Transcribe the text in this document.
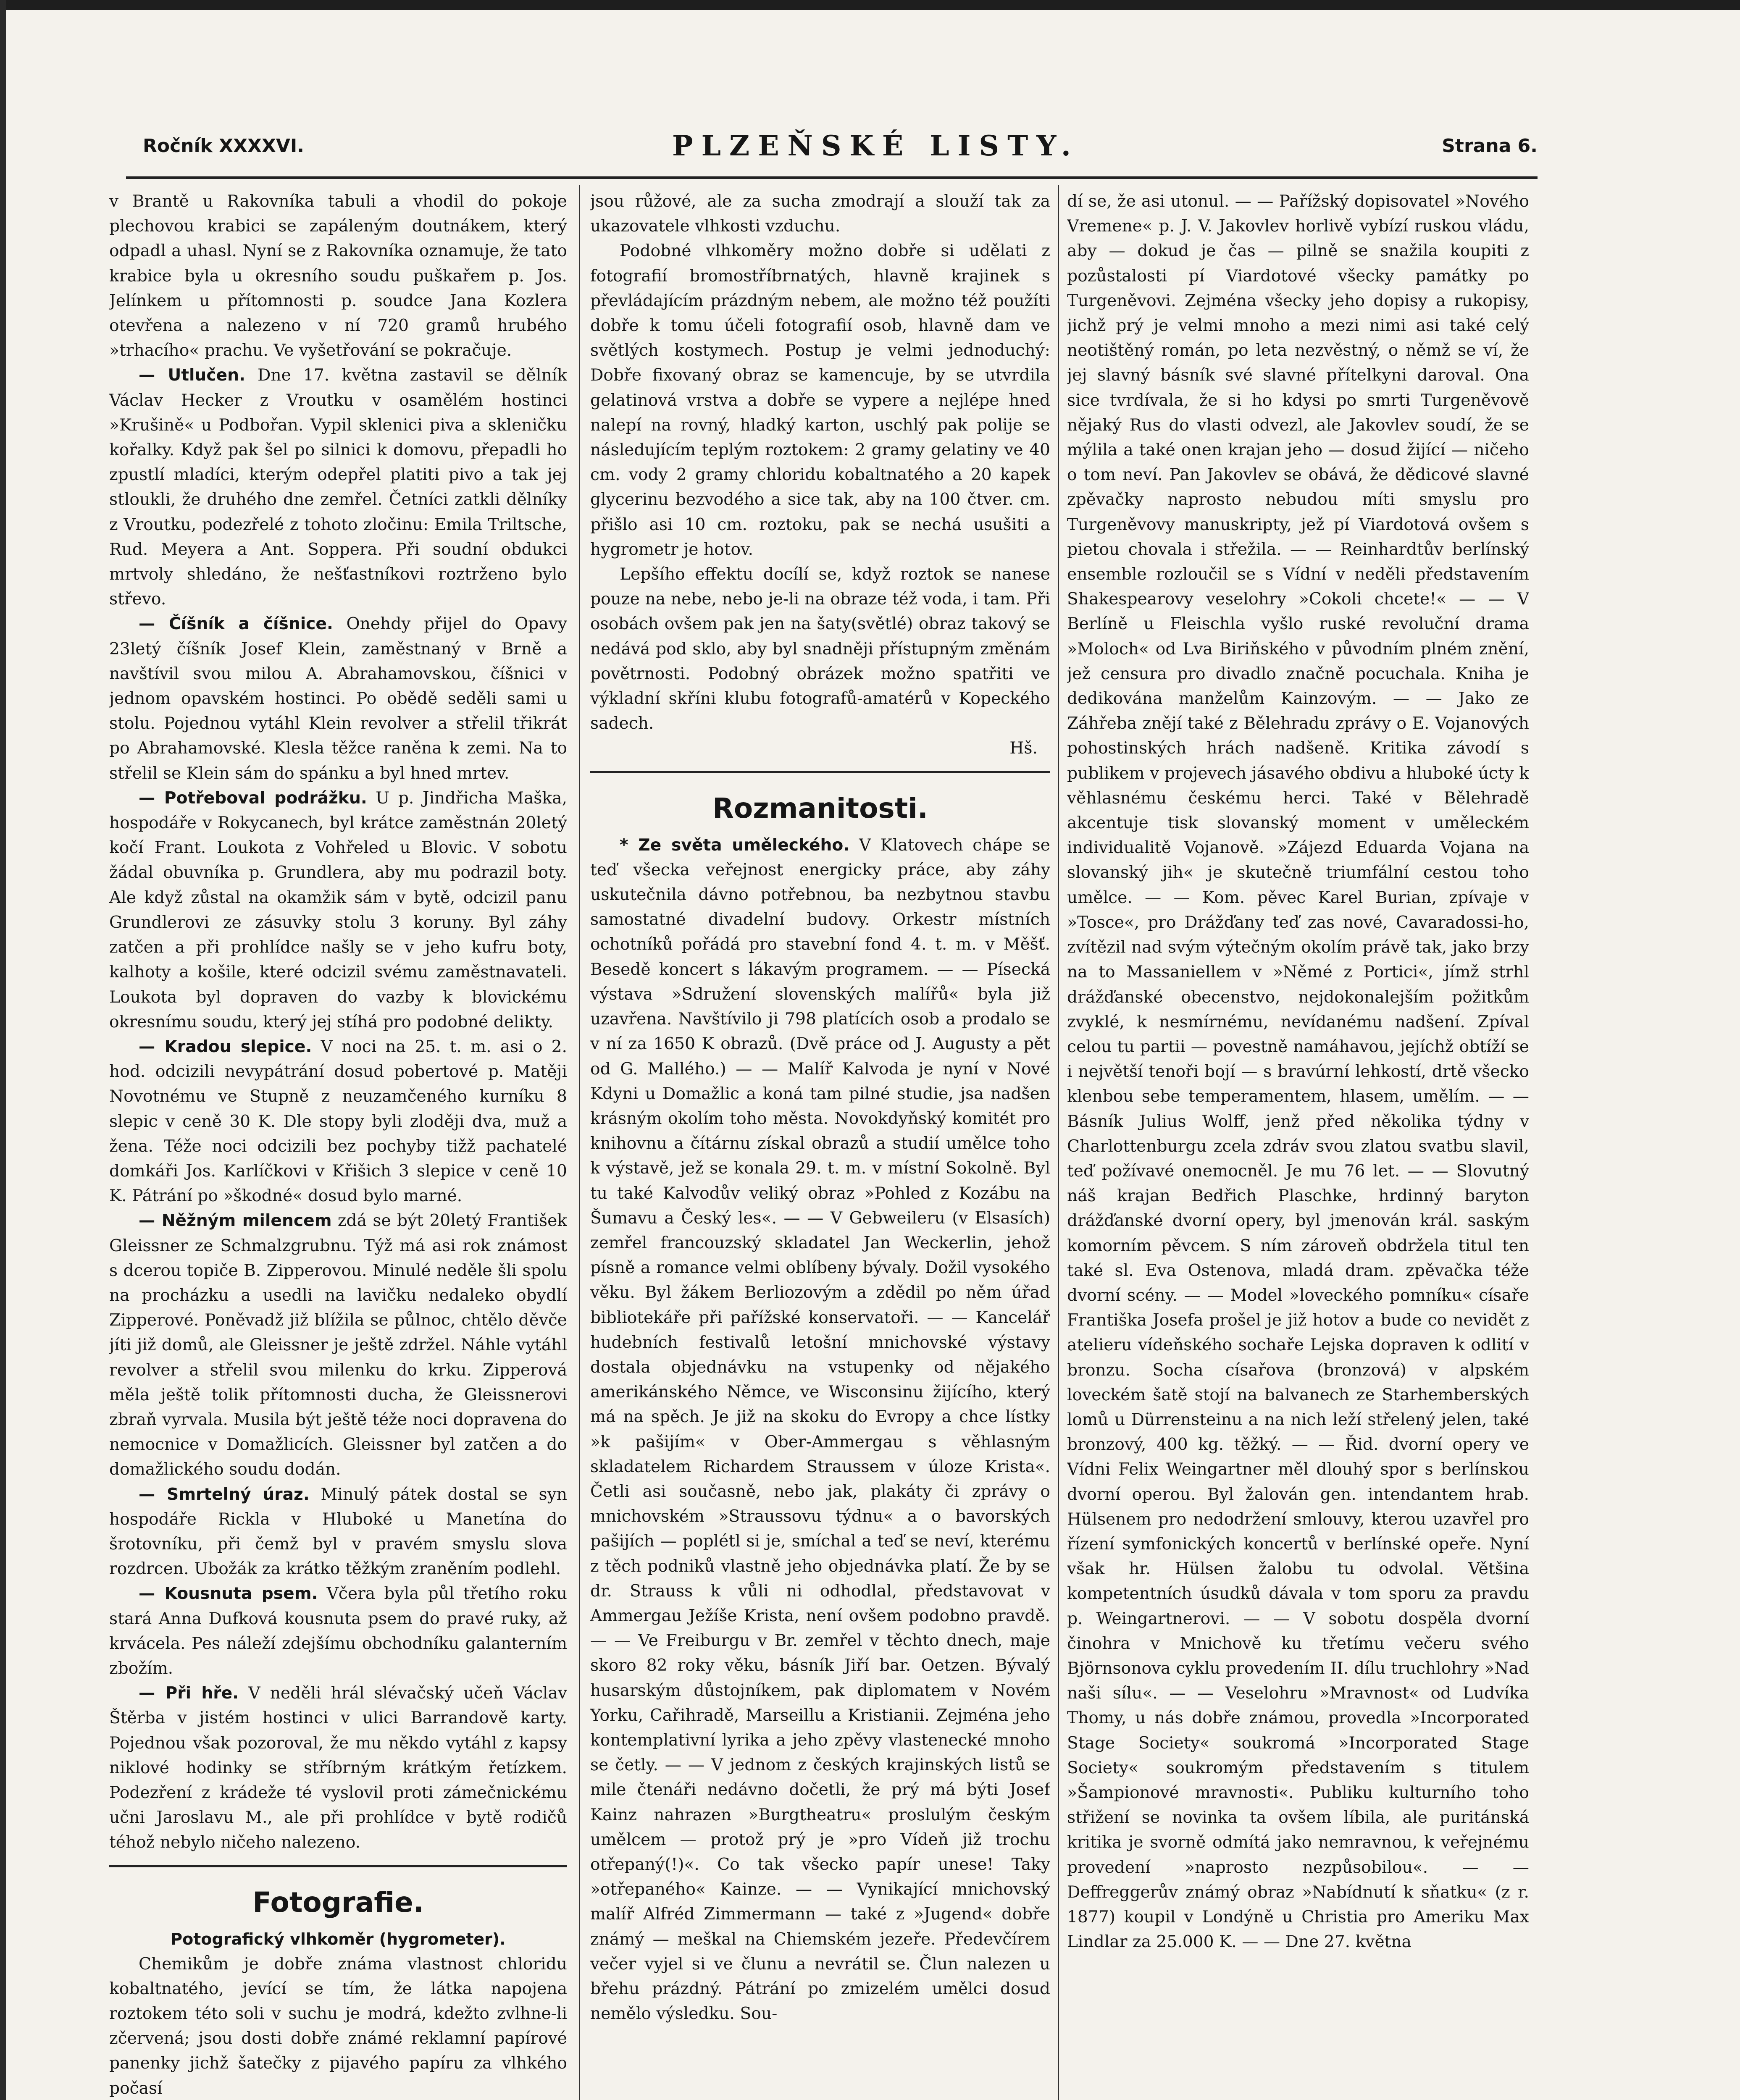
Ročník XXXXVI.	PLZEŇSKÉ LISTY.	Strana 6.

v Brantě u Rakovníka tabuli a vhodil do pokoje plechovou krabici se zapáleným doutnákem, který odpadl a uhasl. Nyní se z Rakovníka oznamuje, že tato krabice byla u okresního soudu puškařem p. Jos. Jelínkem u přítomnosti p. soudce Jana Kozlera otevřena a nalezeno v ní 720 gramů hrubého »trhacího« prachu. Ve vyšetřování se pokračuje.

— Utlučen. Dne 17. května zastavil se dělník Václav Hecker z Vroutku v osamělém hostinci »Krušině« u Podbořan. Vypil sklenici piva a skleničku kořalky. Když pak šel po silnici k domovu, přepadli ho zpustlí mladíci, kterým odepřel platiti pivo a tak jej stloukli, že druhého dne zemřel. Četníci zatkli dělníky z Vroutku, podezřelé z tohoto zločinu: Emila Triltsche, Rud. Meyera a Ant. Soppera. Při soudní obdukci mrtvoly shledáno, že nešťastníkovi roztrženo bylo střevo.

— Číšník a číšnice. Onehdy přijel do Opavy 23letý číšník Josef Klein, zaměstnaný v Brně a navštívil svou milou A. Abrahamovskou, číšnici v jednom opavském hostinci. Po obědě seděli sami u stolu. Pojednou vytáhl Klein revolver a střelil třikrát po Abrahamovské. Klesla těžce raněna k zemi. Na to střelil se Klein sám do spánku a byl hned mrtev.

— Potřeboval podrážku. U p. Jindřicha Maška, hospodáře v Rokycanech, byl krátce zaměstnán 20letý kočí Frant. Loukota z Vohřeled u Blovic. V sobotu žádal obuvníka p. Grundlera, aby mu podrazil boty. Ale když zůstal na okamžik sám v bytě, odcizil panu Grundlerovi ze zásuvky stolu 3 koruny. Byl záhy zatčen a při prohlídce našly se v jeho kufru boty, kalhoty a košile, které odcizil svému zaměstnavateli. Loukota byl dopraven do vazby k blovickému okresnímu soudu, který jej stíhá pro podobné delikty.

— Kradou slepice. V noci na 25. t. m. asi o 2. hod. odcizili nevypátrání dosud pobertové p. Matěji Novotnému ve Stupně z neuzamčeného kurníku 8 slepic v ceně 30 K. Dle stopy byli zloději dva, muž a žena. Téže noci odcizili bez pochyby tižž pachatelé domkáři Jos. Karlíčkovi v Křišich 3 slepice v ceně 10 K. Pátrání po »škodné« dosud bylo marné.

— Něžným milencem zdá se být 20letý František Gleissner ze Schmalzgrubnu. Týž má asi rok známost s dcerou topiče B. Zipperovou. Minulé neděle šli spolu na procházku a usedli na lavičku nedaleko obydlí Zipperové. Poněvadž již blížila se půlnoc, chtělo děvče jíti již domů, ale Gleissner je ještě zdržel. Náhle vytáhl revolver a střelil svou milenku do krku. Zipperová měla ještě tolik přítomnosti ducha, že Gleissnerovi zbraň vyrvala. Musila být ještě téže noci dopravena do nemocnice v Domažlicích. Gleissner byl zatčen a do domažlického soudu dodán.

— Smrtelný úraz. Minulý pátek dostal se syn hospodáře Rickla v Hluboké u Manetína do šrotovníku, při čemž byl v pravém smyslu slova rozdrcen. Ubožák za krátko těžkým zraněním podlehl.

— Kousnuta psem. Včera byla půl třetího roku stará Anna Dufková kousnuta psem do pravé ruky, až krvácela. Pes náleží zdejšímu obchodníku galanterním zbožím.

— Při hře. V neděli hrál slévačský učeň Václav Štěrba v jistém hostinci v ulici Barrandově karty. Pojednou však pozoroval, že mu někdo vytáhl z kapsy niklové hodinky se stříbrným krátkým řetízkem. Podezření z krádeže té vyslovil proti zámečnickému učni Jaroslavu M., ale při prohlídce v bytě rodičů téhož nebylo ničeho nalezeno.

Fotografie.
Potografický vlhkoměr (hygrometer).

Chemikům je dobře známa vlastnost chloridu kobaltnatého, jevící se tím, že látka napojena roztokem této soli v suchu je modrá, kdežto zvlhne-li zčervená; jsou dosti dobře známé reklamní papírové panenky jichž šatečky z pijavého papíru za vlhkého počasí

jsou růžové, ale za sucha zmodrají a slouží tak za ukazovatele vlhkosti vzduchu.

Podobné vlhkoměry možno dobře si udělati z fotografií bromostříbrnatých, hlavně krajinek s převládajícím prázdným nebem, ale možno též použíti dobře k tomu účeli fotografií osob, hlavně dam ve světlých kostymech. Postup je velmi jednoduchý: Dobře fixovaný obraz se kamencuje, by se utvrdila gelatinová vrstva a dobře se vypere a nejlépe hned nalepí na rovný, hladký karton, uschlý pak polije se následujícím teplým roztokem: 2 gramy gelatiny ve 40 cm. vody 2 gramy chloridu kobaltnatého a 20 kapek glycerinu bezvodého a sice tak, aby na 100 čtver. cm. přišlo asi 10 cm. roztoku, pak se nechá usušiti a hygrometr je hotov.

Lepšího effektu docílí se, když roztok se nanese pouze na nebe, nebo je-li na obraze též voda, i tam. Při osobách ovšem pak jen na šaty(světlé) obraz takový se nedává pod sklo, aby byl snadněji přístupným změnám povětrnosti. Podobný obrázek možno spatřiti ve výkladní skříni klubu fotografů-amatérů v Kopeckého sadech.

Hš.

Rozmanitosti.

* Ze světa uměleckého. V Klatovech chápe se teď všecka veřejnost energicky práce, aby záhy uskutečnila dávno potřebnou, ba nezbytnou stavbu samostatné divadelní budovy. Orkestr místních ochotníků pořádá pro stavební fond 4. t. m. v Měšť. Besedě koncert s lákavým programem. — — Písecká výstava »Sdružení slovenských malířů« byla již uzavřena. Navštívilo ji 798 platících osob a prodalo se v ní za 1650 K obrazů. (Dvě práce od J. Augusty a pět od G. Mallého.) — — Malíř Kalvoda je nyní v Nové Kdyni u Domažlic a koná tam pilné studie, jsa nadšen krásným okolím toho města. Novokdyňský komitét pro knihovnu a čítárnu získal obrazů a studií umělce toho k výstavě, jež se konala 29. t. m. v místní Sokolně. Byl tu také Kalvodův veliký obraz »Pohled z Kozábu na Šumavu a Český les«. — — V Gebweileru (v Elsasích) zemřel francouzský skladatel Jan Weckerlin, jehož písně a romance velmi oblíbeny bývaly. Dožil vysokého věku. Byl žákem Berliozovým a zdědil po něm úřad bibliotekáře při pařížské konservatoři. — — Kancelář hudebních festivalů letošní mnichovské výstavy dostala objednávku na vstupenky od nějakého amerikánského Němce, ve Wisconsinu žijícího, který má na spěch. Je již na skoku do Evropy a chce lístky »k pašijím« v Ober-Ammergau s věhlasným skladatelem Richardem Straussem v úloze Krista«. Četli asi současně, nebo jak, plakáty či zprávy o mnichovském »Straussovu týdnu« a o bavorských pašijích — poplétl si je, smíchal a teď se neví, kterému z těch podniků vlastně jeho objednávka platí. Že by se dr. Strauss k vůli ni odhodlal, představovat v Ammergau Ježíše Krista, není ovšem podobno pravdě. — — Ve Freiburgu v Br. zemřel v těchto dnech, maje skoro 82 roky věku, básník Jiří bar. Oetzen. Bývalý husarským důstojníkem, pak diplomatem v Novém Yorku, Cařihradě, Marseillu a Kristianii. Zejména jeho kontemplativní lyrika a jeho zpěvy vlastenecké mnoho se četly. — — V jednom z českých krajinských listů se mile čtenáři nedávno dočetli, že prý má býti Josef Kainz nahrazen »Burgtheatru« proslulým českým umělcem — protož prý je »pro Vídeň již trochu otřepaný(!)«. Co tak všecko papír unese! Taky »otřepaného« Kainze. — — Vynikající mnichovský malíř Alfréd Zimmermann — také z »Jugend« dobře známý — meškal na Chiemském jezeře. Předevčírem večer vyjel si ve člunu a nevrátil se. Člun nalezen u břehu prázdný. Pátrání po zmizelém umělci dosud nemělo výsledku. Sou-

dí se, že asi utonul. — — Pařížský dopisovatel »Nového Vremene« p. J. V. Jakovlev horlivě vybízí ruskou vládu, aby — dokud je čas — pilně se snažila koupiti z pozůstalosti pí Viardotové všecky památky po Turgeněvovi. Zejména všecky jeho dopisy a rukopisy, jichž prý je velmi mnoho a mezi nimi asi také celý neotištěný román, po leta nezvěstný, o němž se ví, že jej slavný básník své slavné přítelkyni daroval. Ona sice tvrdívala, že si ho kdysi po smrti Turgeněvově nějaký Rus do vlasti odvezl, ale Jakovlev soudí, že se mýlila a také onen krajan jeho — dosud žijící — ničeho o tom neví. Pan Jakovlev se obává, že dědicové slavné zpěvačky naprosto nebudou míti smyslu pro Turgeněvovy manuskripty, jež pí Viardotová ovšem s pietou chovala i střežila. — — Reinhardtův berlínský ensemble rozloučil se s Vídní v neděli představením Shakespearovy veselohry »Cokoli chcete!« — — V Berlíně u Fleischla vyšlo ruské revoluční drama »Moloch« od Lva Biriňského v původním plném znění, jež censura pro divadlo značně pocuchala. Kniha je dedikována manželům Kainzovým. — — Jako ze Záhřeba znějí také z Bělehradu zprávy o E. Vojanových pohostinských hrách nadšeně. Kritika závodí s publikem v projevech jásavého obdivu a hluboké úcty k věhlasnému českému herci. Také v Bělehradě akcentuje tisk slovanský moment v uměleckém individualitě Vojanově. »Zájezd Eduarda Vojana na slovanský jih« je skutečně triumfální cestou toho umělce. — — Kom. pěvec Karel Burian, zpívaje v »Tosce«, pro Drážďany teď zas nové, Cavaradossi-ho, zvítězil nad svým výtečným okolím právě tak, jako brzy na to Massaniellem v »Němé z Portici«, jímž strhl drážďanské obecenstvo, nejdokonalejším požitkům zvyklé, k nesmírnému, nevídanému nadšení. Zpíval celou tu partii — povestně namáhavou, jejíchž obtíží se i největší tenoři bojí — s bravúrní lehkostí, drtě všecko klenbou sebe temperamentem, hlasem, umělím. — — Básník Julius Wolff, jenž před několika týdny v Charlottenburgu zcela zdráv svou zlatou svatbu slavil, teď požívavé onemocněl. Je mu 76 let. — — Slovutný náš krajan Bedřich Plaschke, hrdinný baryton drážďanské dvorní opery, byl jmenován král. saským komorním pěvcem. S ním zároveň obdržela titul ten také sl. Eva Ostenova, mladá dram. zpěvačka téže dvorní scény. — — Model »loveckého pomníku« císaře Františka Josefa prošel je již hotov a bude co nevidět z atelieru vídeňského sochaře Lejska dopraven k odlití v bronzu. Socha císařova (bronzová) v alpském loveckém šatě stojí na balvanech ze Starhemberských lomů u Dürrensteinu a na nich leží střelený jelen, také bronzový, 400 kg. těžký. — — Řid. dvorní opery ve Vídni Felix Weingartner měl dlouhý spor s berlínskou dvorní operou. Byl žalován gen. intendantem hrab. Hülsenem pro nedodržení smlouvy, kterou uzavřel pro řízení symfonických koncertů v berlínské opeře. Nyní však hr. Hülsen žalobu tu odvolal. Většina kompetentních úsudků dávala v tom sporu za pravdu p. Weingartnerovi. — — V sobotu dospěla dvorní činohra v Mnichově ku třetímu večeru svého Björnsonova cyklu provedením II. dílu truchlohry »Nad naši sílu«. — — Veselohru »Mravnost« od Ludvíka Thomy, u nás dobře známou, provedla »Incorporated Stage Society« soukromá »Incorporated Stage Society« soukromým představením s titulem »Šampionové mravnosti«. Publiku kulturního toho střižení se novinka ta ovšem líbila, ale puritánská kritika je svorně odmítá jako nemravnou, k veřejnému provedení »naprosto nezpůsobilou«. — — Deffreggerův známý obraz »Nabídnutí k sňatku« (z r. 1877) koupil v Londýně u Christia pro Ameriku Max Lindlar za 25.000 K. — — Dne 27. května
